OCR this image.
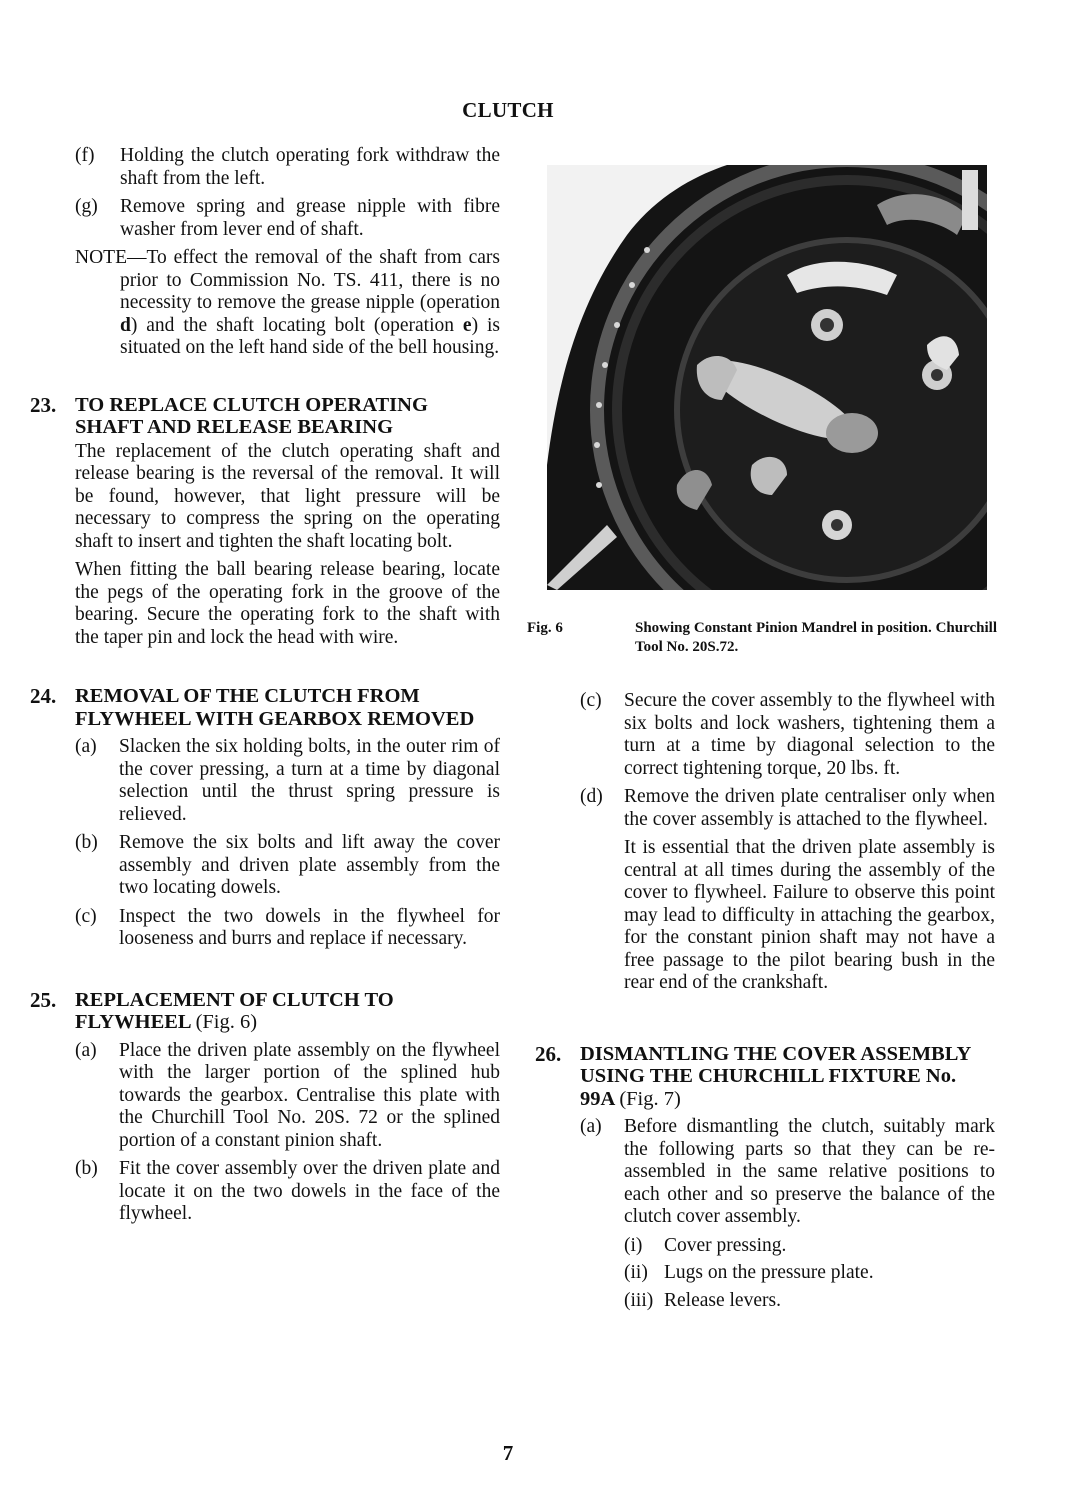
CLUTCH
(f)	Holding the clutch operating fork withdraw the shaft from the left.
(g)	Remove spring and grease nipple with fibre washer from lever end of shaft.
NOTE—To effect the removal of the shaft from cars prior to Commission No. TS. 411, there is no necessity to remove the grease nipple (operation d) and the shaft locating bolt (operation e) is situated on the left hand side of the bell housing.
23. TO REPLACE CLUTCH OPERATING SHAFT AND RELEASE BEARING
The replacement of the clutch operating shaft and release bearing is the reversal of the removal. It will be found, however, that light pressure will be necessary to compress the spring on the operating shaft to insert and tighten the shaft locating bolt.
When fitting the ball bearing release bearing, locate the pegs of the operating fork in the groove of the bearing. Secure the operating fork to the shaft with the taper pin and lock the head with wire.
24. REMOVAL OF THE CLUTCH FROM FLYWHEEL WITH GEARBOX REMOVED
(a) Slacken the six holding bolts, in the outer rim of the cover pressing, a turn at a time by diagonal selection until the thrust spring pressure is relieved.
(b) Remove the six bolts and lift away the cover assembly and driven plate assembly from the two locating dowels.
(c) Inspect the two dowels in the flywheel for looseness and burrs and replace if necessary.
25. REPLACEMENT OF CLUTCH TO FLYWHEEL (Fig. 6)
(a) Place the driven plate assembly on the flywheel with the larger portion of the splined hub towards the gearbox. Centralise this plate with the Churchill Tool No. 20S. 72 or the splined portion of a constant pinion shaft.
(b) Fit the cover assembly over the driven plate and locate it on the two dowels in the face of the flywheel.
Fig. 6	Showing Constant Pinion Mandrel in position. Churchill Tool No. 20S.72.
(c) Secure the cover assembly to the flywheel with six bolts and lock washers, tightening them a turn at a time by diagonal selection to the correct tightening torque, 20 lbs. ft.
(d) Remove the driven plate centraliser only when the cover assembly is attached to the flywheel.
It is essential that the driven plate assembly is central at all times during the assembly of the cover to flywheel. Failure to observe this point may lead to difficulty in attaching the gearbox, for the constant pinion shaft may not have a free passage to the pilot bearing bush in the rear end of the crankshaft.
26. DISMANTLING THE COVER ASSEMBLY USING THE CHURCHILL FIXTURE No. 99A (Fig. 7)
(a) Before dismantling the clutch, suitably mark the following parts so that they can be re-assembled in the same relative positions to each other and so preserve the balance of the clutch cover assembly.
(i) Cover pressing.
(ii) Lugs on the pressure plate.
(iii) Release levers.
7
